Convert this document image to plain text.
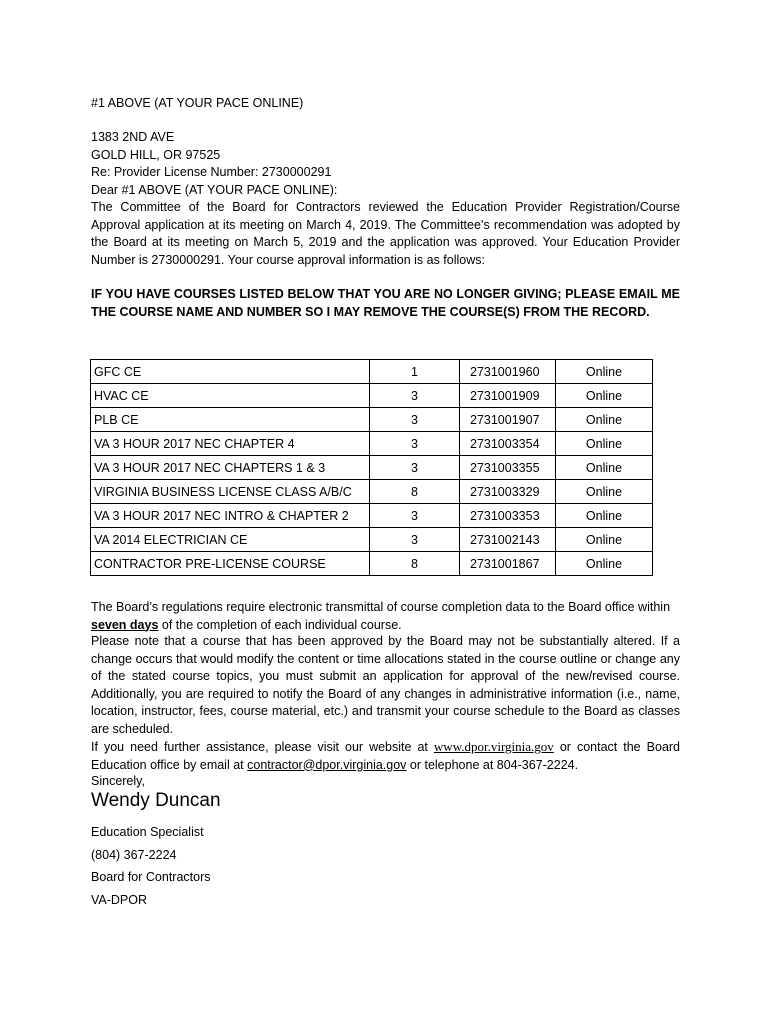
#1 ABOVE (AT YOUR PACE ONLINE)
1383 2ND AVE
GOLD HILL, OR 97525
Re: Provider License Number: 2730000291
Dear #1 ABOVE (AT YOUR PACE ONLINE):
The Committee of the Board for Contractors reviewed the Education Provider Registration/Course Approval application at its meeting on March 4, 2019. The Committee’s recommendation was adopted by the Board at its meeting on March 5, 2019 and the application was approved. Your Education Provider Number is 2730000291. Your course approval information is as follows:
IF YOU HAVE COURSES LISTED BELOW THAT YOU ARE NO LONGER GIVING; PLEASE EMAIL ME THE COURSE NAME AND NUMBER SO I MAY REMOVE THE COURSE(S) FROM THE RECORD.
GFC CE	1	2731001960	Online
HVAC CE	3	2731001909	Online
PLB CE	3	2731001907	Online
VA 3 HOUR 2017 NEC CHAPTER 4	3	2731003354	Online
VA 3 HOUR 2017 NEC CHAPTERS 1 & 3	3	2731003355	Online
VIRGINIA BUSINESS LICENSE CLASS A/B/C	8	2731003329	Online
VA 3 HOUR 2017 NEC INTRO & CHAPTER 2	3	2731003353	Online
VA 2014 ELECTRICIAN CE	3	2731002143	Online
CONTRACTOR PRE-LICENSE COURSE	8	2731001867	Online
The Board’s regulations require electronic transmittal of course completion data to the Board office within seven days of the completion of each individual course.
Please note that a course that has been approved by the Board may not be substantially altered. If a change occurs that would modify the content or time allocations stated in the course outline or change any of the stated course topics, you must submit an application for approval of the new/revised course. Additionally, you are required to notify the Board of any changes in administrative information (i.e., name, location, instructor, fees, course material, etc.) and transmit your course schedule to the Board as classes are scheduled.
If you need further assistance, please visit our website at www.dpor.virginia.gov or contact the Board Education office by email at contractor@dpor.virginia.gov or telephone at 804-367-2224.
Sincerely,
Wendy Duncan
Education Specialist
(804) 367-2224
Board for Contractors
VA-DPOR
